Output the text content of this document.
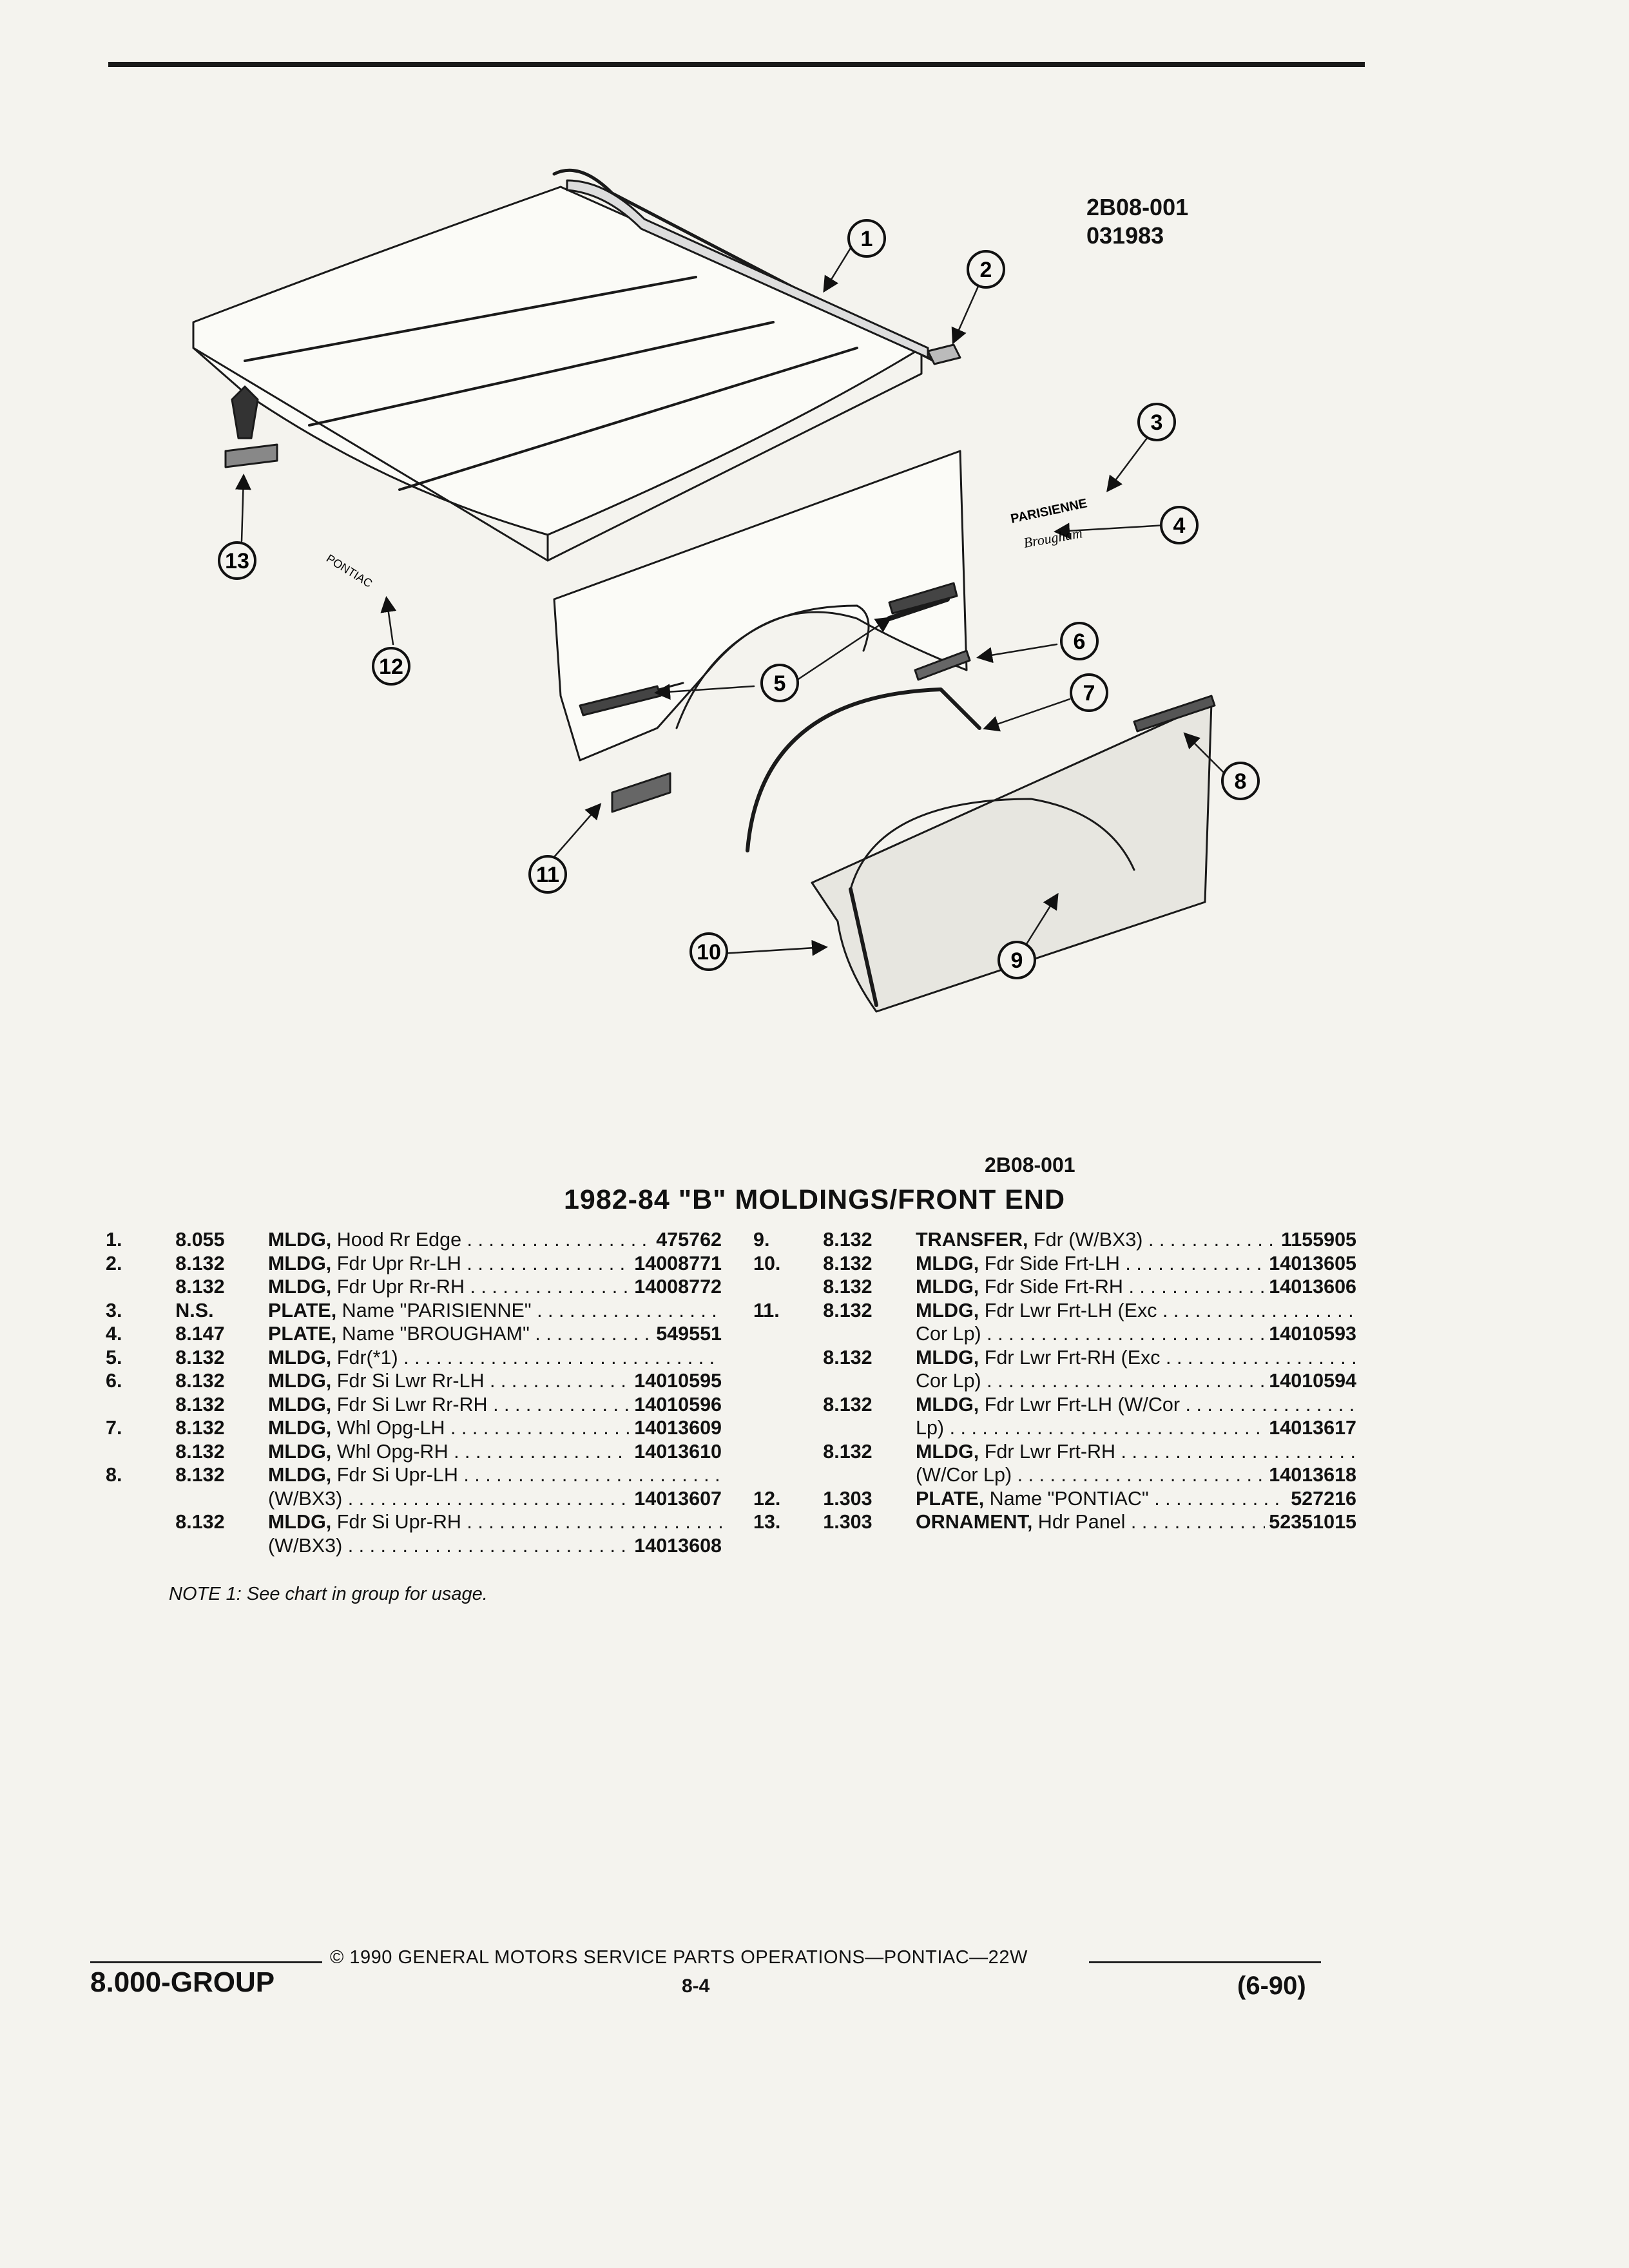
PARISIENNE
Brougham
PONTIAC
1
2
3
4
5
6
7
8
9
10
11
12
13
2B08-001
031983
2B08-001
1982-84 "B" MOLDINGS/FRONT END
1.	8.055	MLDG, Hood Rr Edge . . .	475762
2.	8.132	MLDG, Fdr Upr Rr-LH . . .	14008771
8.132	MLDG, Fdr Upr Rr-RH . . .	14008772
3.	N.S.	PLATE, Name "PARISIENNE" . . .
4.	8.147	PLATE, Name "BROUGHAM" . . .	549551
5.	8.132	MLDG, Fdr(*1) . . .
6.	8.132	MLDG, Fdr Si Lwr Rr-LH . . .	14010595
8.132	MLDG, Fdr Si Lwr Rr-RH . . .	14010596
7.	8.132	MLDG, Whl Opg-LH . . .	14013609
8.132	MLDG, Whl Opg-RH . . .	14013610
8.	8.132	MLDG, Fdr Si Upr-LH . . .
(W/BX3) . . .	14013607
8.132	MLDG, Fdr Si Upr-RH . . .
(W/BX3) . . .	14013608
9.	8.132	TRANSFER, Fdr (W/BX3) . . .	1155905
10.	8.132	MLDG, Fdr Side Frt-LH . . .	14013605
8.132	MLDG, Fdr Side Frt-RH . . .	14013606
11.	8.132	MLDG, Fdr Lwr Frt-LH (Exc . . .
Cor Lp) . . .	14010593
8.132	MLDG, Fdr Lwr Frt-RH (Exc . . .
Cor Lp) . . .	14010594
8.132	MLDG, Fdr Lwr Frt-LH (W/Cor . . .
Lp) . . .	14013617
8.132	MLDG, Fdr Lwr Frt-RH . . .
(W/Cor Lp) . . .	14013618
12.	1.303	PLATE, Name "PONTIAC" . . .	527216
13.	1.303	ORNAMENT, Hdr Panel . . .	52351015
NOTE 1: See chart in group for usage.
8.000-GROUP
© 1990 GENERAL MOTORS SERVICE PARTS OPERATIONS—PONTIAC—22W
8-4	(6-90)
